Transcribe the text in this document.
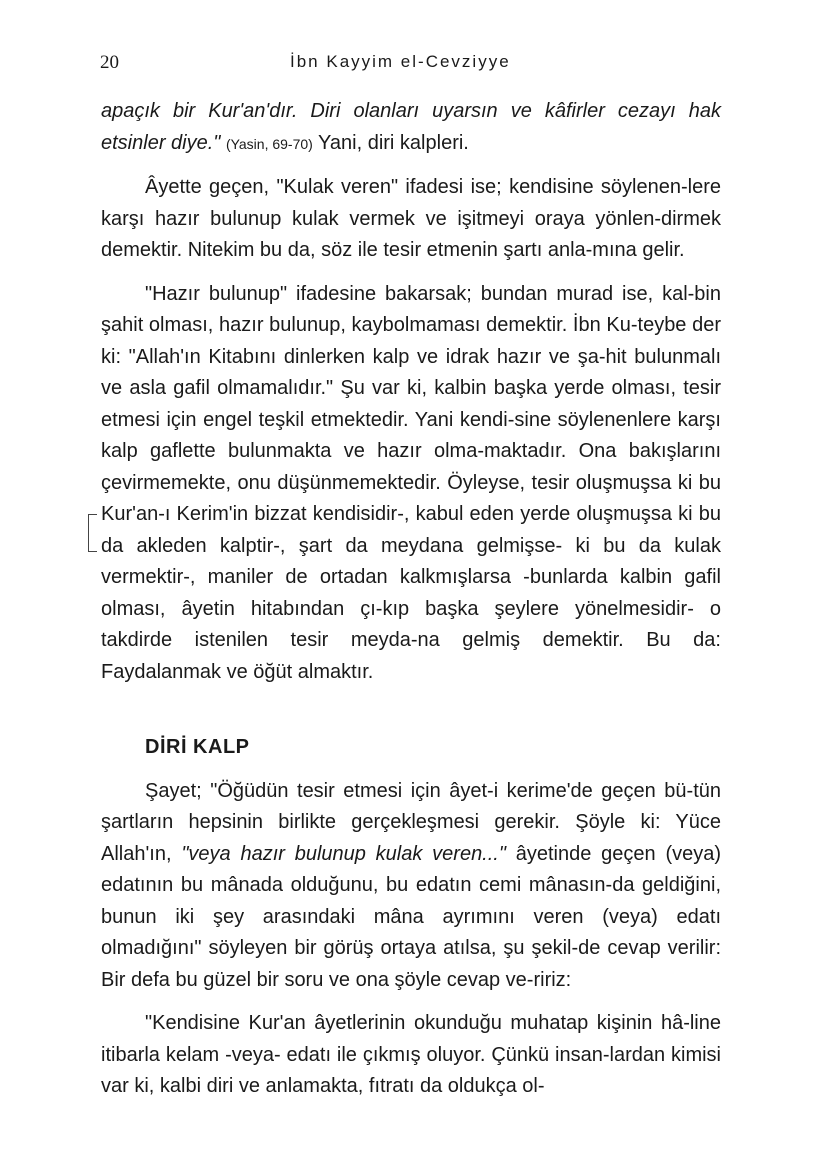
20	İbn Kayyim el-Cevziyye

apaçık bir Kur'an'dır. Diri olanları uyarsın ve kâfirler cezayı hak etsinler diye." (Yasin, 69-70) Yani, diri kalpleri.

Âyette geçen, "Kulak veren" ifadesi ise; kendisine söylenen-lere karşı hazır bulunup kulak vermek ve işitmeyi oraya yönlen-dirmek demektir. Nitekim bu da, söz ile tesir etmenin şartı anla-mına gelir.

"Hazır bulunup" ifadesine bakarsak; bundan murad ise, kal-bin şahit olması, hazır bulunup, kaybolmaması demektir. İbn Ku-teybe der ki: "Allah'ın Kitabını dinlerken kalp ve idrak hazır ve şa-hit bulunmalı ve asla gafil olmamalıdır." Şu var ki, kalbin başka yerde olması, tesir etmesi için engel teşkil etmektedir. Yani kendi-sine söylenenlere karşı kalp gaflette bulunmakta ve hazır olma-maktadır. Ona bakışlarını çevirmemekte, onu düşünmemektedir. Öyleyse, tesir oluşmuşsa ki bu Kur'an-ı Kerim'in bizzat kendisidir-, kabul eden yerde oluşmuşsa ki bu da akleden kalptir-, şart da meydana gelmişse- ki bu da kulak vermektir-, maniler de ortadan kalkmışlarsa -bunlarda kalbin gafil olması, âyetin hitabından çı-kıp başka şeylere yönelmesidir- o takdirde istenilen tesir meyda-na gelmiş demektir. Bu da: Faydalanmak ve öğüt almaktır.

DİRİ KALP

Şayet; "Öğüdün tesir etmesi için âyet-i kerime'de geçen bü-tün şartların hepsinin birlikte gerçekleşmesi gerekir. Şöyle ki: Yüce Allah'ın, "veya hazır bulunup kulak veren..." âyetinde geçen (veya) edatının bu mânada olduğunu, bu edatın cemi mânasın-da geldiğini, bunun iki şey arasındaki mâna ayrımını veren (veya) edatı olmadığını" söyleyen bir görüş ortaya atılsa, şu şekil-de cevap verilir: Bir defa bu güzel bir soru ve ona şöyle cevap ve-ririz:

"Kendisine Kur'an âyetlerinin okunduğu muhatap kişinin hâ-line itibarla kelam -veya- edatı ile çıkmış oluyor. Çünkü insan-lardan kimisi var ki, kalbi diri ve anlamakta, fıtratı da oldukça ol-
